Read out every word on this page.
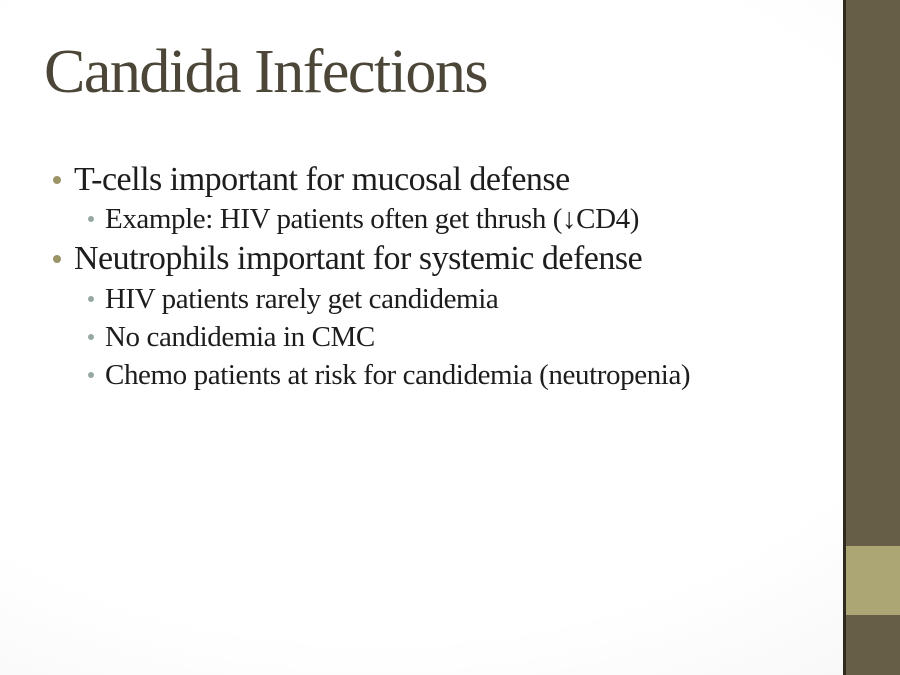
Candida Infections
T-cells important for mucosal defense
Example: HIV patients often get thrush (↓CD4)
Neutrophils important for systemic defense
HIV patients rarely get candidemia
No candidemia in CMC
Chemo patients at risk for candidemia (neutropenia)
